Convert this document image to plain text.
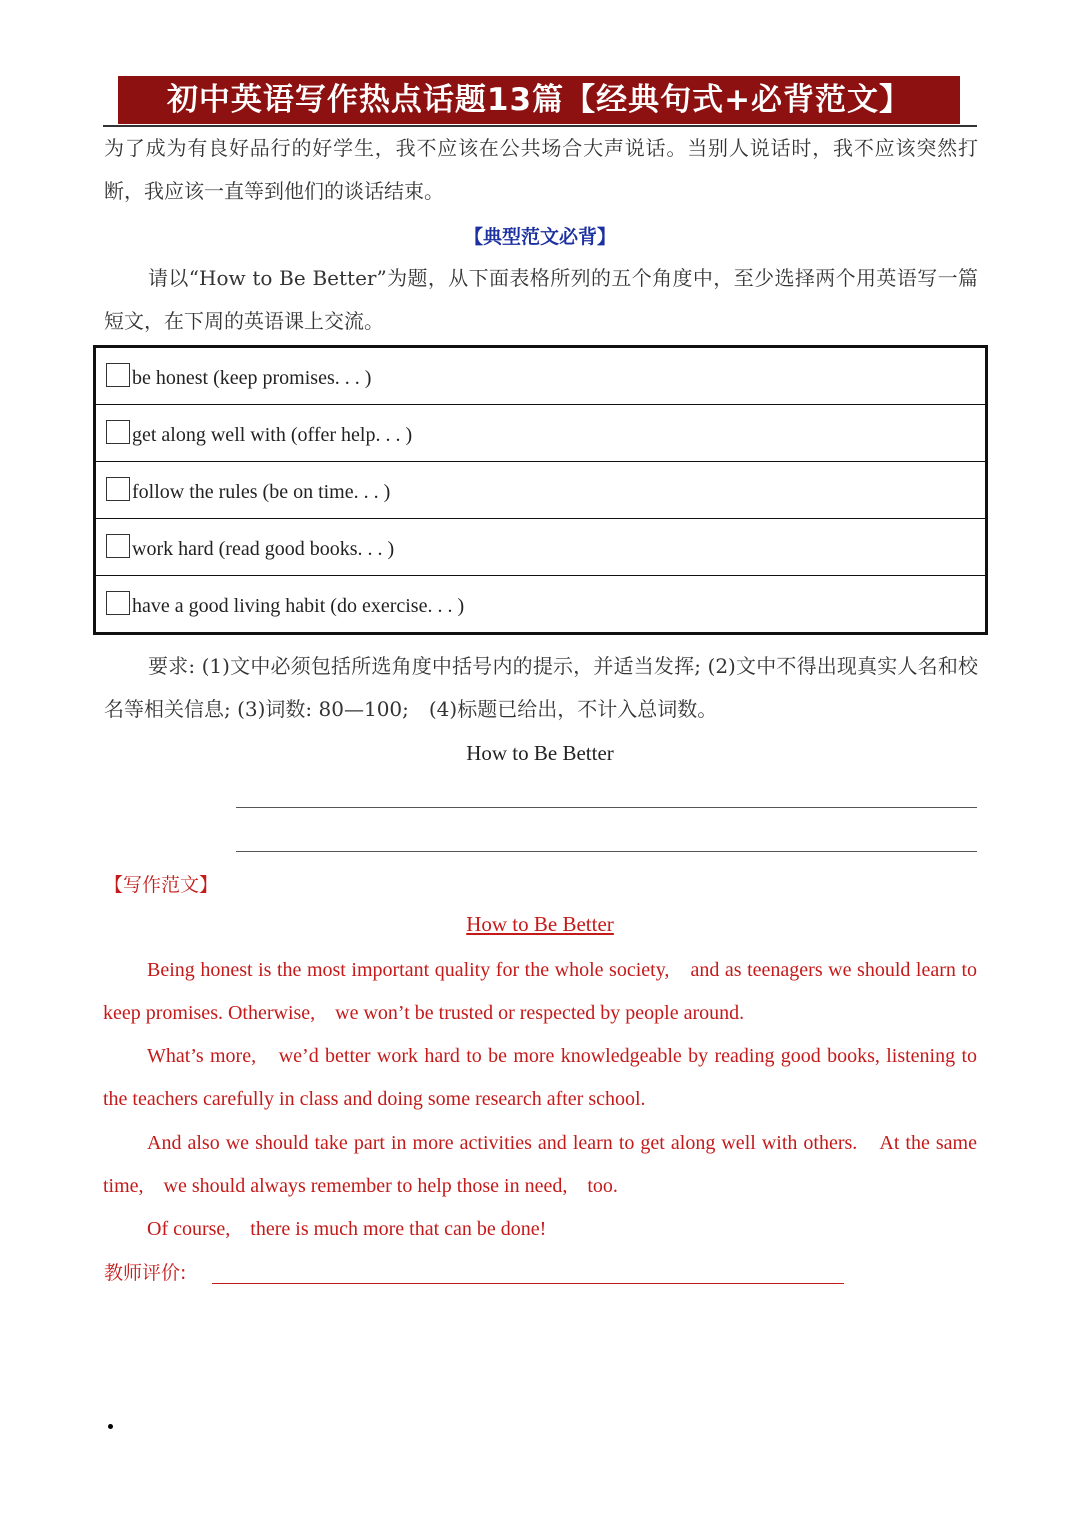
初中英语写作热点话题13篇【经典句式+必背范文】
为了成为有良好品行的好学生，我不应该在公共场合大声说话。当别人说话时，我不应该突然打断，我应该一直等到他们的谈话结束。
【典型范文必背】
请以“How to Be Better”为题，从下面表格所列的五个角度中，至少选择两个用英语写一篇短文，在下周的英语课上交流。
be honest (keep promises. . . )
get along well with (offer help. . . )
follow the rules (be on time. . . )
work hard (read good books. . . )
have a good living habit (do exercise. . . )
要求: (1)文中必须包括所选角度中括号内的提示，并适当发挥; (2)文中不得出现真实人名和校名等相关信息; (3)词数: 80—100;　(4)标题已给出，不计入总词数。
How to Be Better
【写作范文】
How to Be Better
Being honest is the most important quality for the whole society,　and as teenagers we should learn to keep promises. Otherwise,　we won’t be trusted or respected by people around.
What’s more,　we’d better work hard to be more knowledgeable by reading good books, listening to the teachers carefully in class and doing some research after school.
And also we should take part in more activities and learn to get along well with others.　At the same time,　we should always remember to help those in need,　too.
Of course,　there is much more that can be done!
教师评价:
